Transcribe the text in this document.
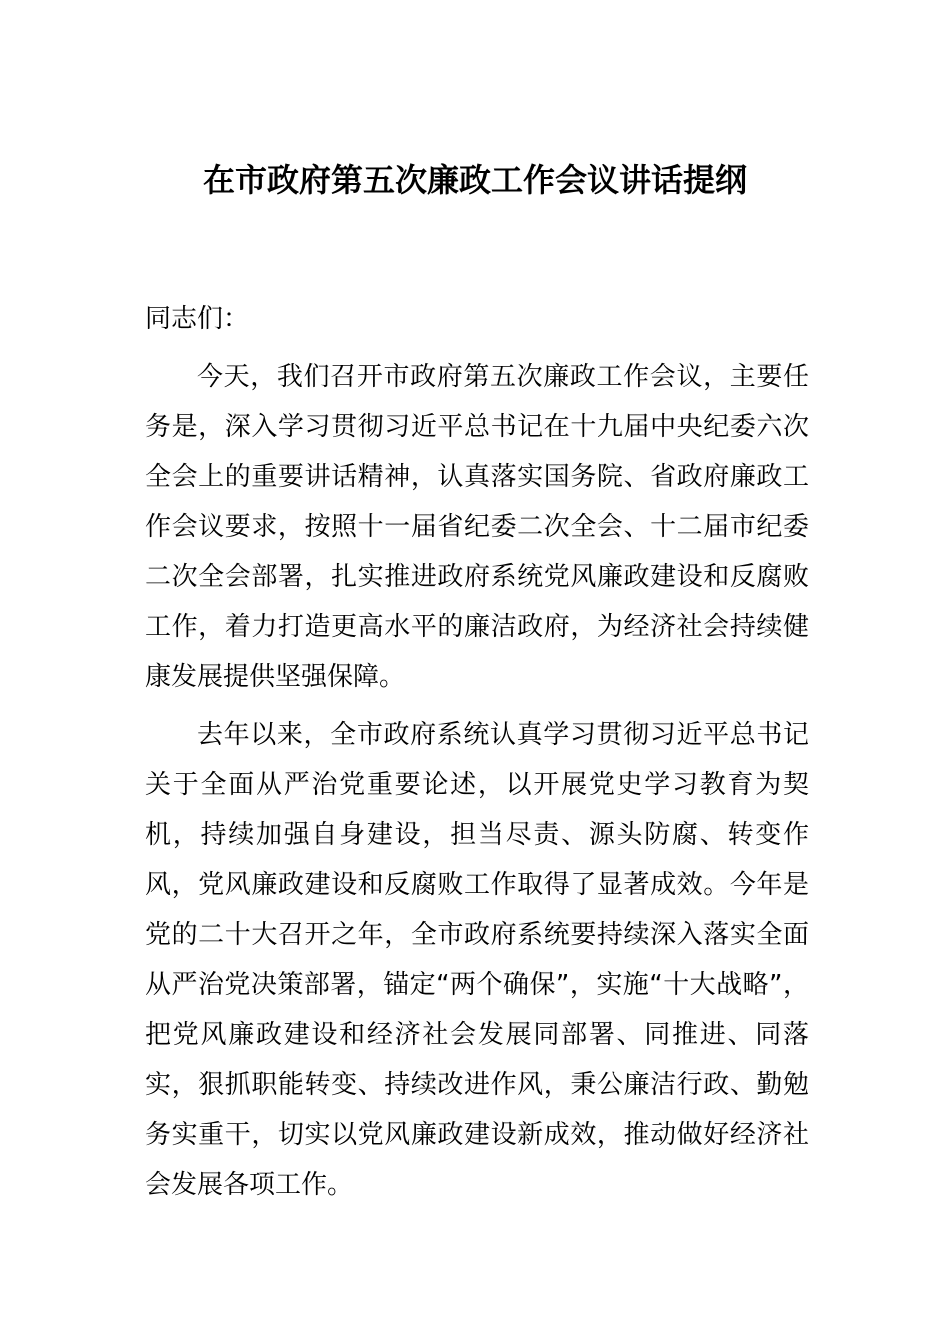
在市政府第五次廉政工作会议讲话提纲

同志们：

今天，我们召开市政府第五次廉政工作会议，主要任务是，深入学习贯彻习近平总书记在十九届中央纪委六次全会上的重要讲话精神，认真落实国务院、省政府廉政工作会议要求，按照十一届省纪委二次全会、十二届市纪委二次全会部署，扎实推进政府系统党风廉政建设和反腐败工作，着力打造更高水平的廉洁政府，为经济社会持续健康发展提供坚强保障。

去年以来，全市政府系统认真学习贯彻习近平总书记关于全面从严治党重要论述，以开展党史学习教育为契机，持续加强自身建设，担当尽责、源头防腐、转变作风，党风廉政建设和反腐败工作取得了显著成效。今年是党的二十大召开之年，全市政府系统要持续深入落实全面从严治党决策部署，锚定“两个确保”，实施“十大战略”，把党风廉政建设和经济社会发展同部署、同推进、同落实，狠抓职能转变、持续改进作风，秉公廉洁行政、勤勉务实重干，切实以党风廉政建设新成效，推动做好经济社会发展各项工作。
